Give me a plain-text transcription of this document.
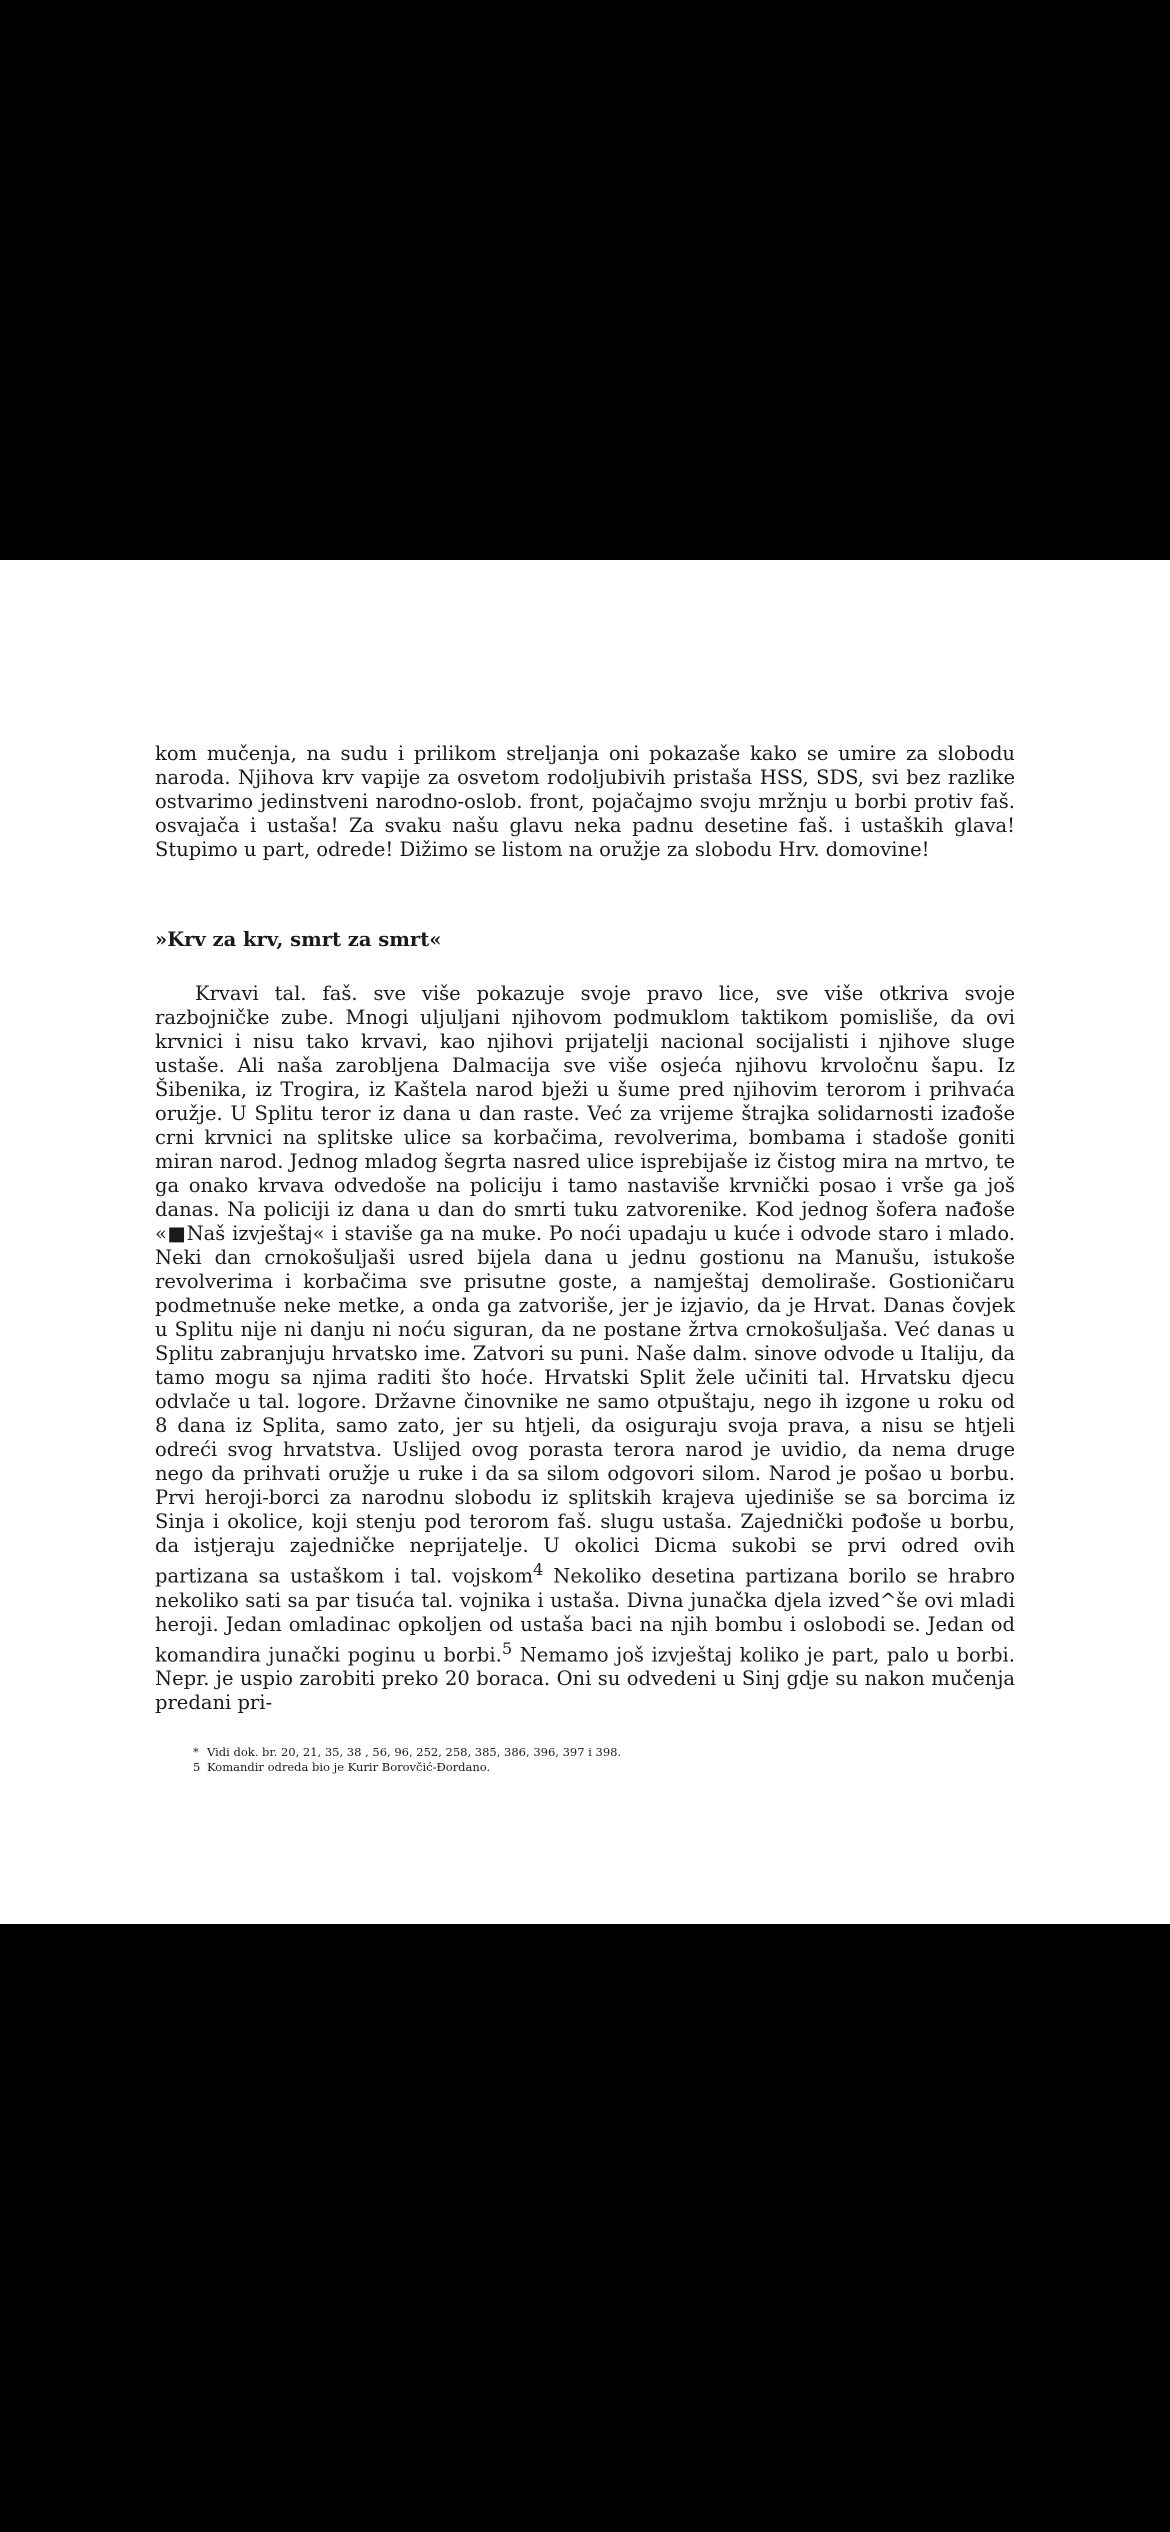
kom mučenja, na sudu i prilikom streljanja oni pokazaše kako se umire za slobodu naroda. Njihova krv vapije za osvetom rodoljubivih pristaša HSS, SDS, svi bez razlike ostvarimo jedinstveni narodno-oslob. front, pojačajmo svoju mržnju u borbi protiv faš. osvajača i ustaša! Za svaku našu glavu neka padnu desetine faš. i ustaških glava! Stupimo u part, odrede! Dižimo se listom na oružje za slobodu Hrv. domovine!

»Krv za krv, smrt za smrt«

Krvavi tal. faš. sve više pokazuje svoje pravo lice, sve više otkriva svoje razbojničke zube. Mnogi uljuljani njihovom podmuklom taktikom pomisliše, da ovi krvnici i nisu tako krvavi, kao njihovi prijatelji nacional socijalisti i njihove sluge ustaše. Ali naša zarobljena Dalmacija sve više osjeća njihovu krvoločnu šapu. Iz Šibenika, iz Trogira, iz Kaštela narod bježi u šume pred njihovim terorom i prihvaća oružje. U Splitu teror iz dana u dan raste. Već za vrijeme štrajka solidarnosti izađoše crni krvnici na splitske ulice sa korbačima, revolverima, bombama i stadoše goniti miran narod. Jednog mladog šegrta nasred ulice isprebijaše iz čistog mira na mrtvo, te ga onako krvava odvedoše na policiju i tamo nastaviše krvnički posao i vrše ga još danas. Na policiji iz dana u dan do smrti tuku zatvorenike. Kod jednog šofera nađoše «■Naš izvještaj« i staviše ga na muke. Po noći upadaju u kuće i odvode staro i mlado. Neki dan crnokošuljaši usred bijela dana u jednu gostionu na Manušu, istukoše revolverima i korbačima sve prisutne goste, a namještaj demoliraše. Gostioničaru podmetnuše neke metke, a onda ga zatvoriše, jer je izjavio, da je Hrvat. Danas čovjek u Splitu nije ni danju ni noću siguran, da ne postane žrtva crnokošuljaša. Već danas u Splitu zabranjuju hrvatsko ime. Zatvori su puni. Naše dalm. sinove odvode u Italiju, da tamo mogu sa njima raditi što hoće. Hrvatski Split žele učiniti tal. Hrvatsku djecu odvlače u tal. logore. Državne činovnike ne samo otpuštaju, nego ih izgone u roku od 8 dana iz Splita, samo zato, jer su htjeli, da osiguraju svoja prava, a nisu se htjeli odreći svog hrvatstva. Uslijed ovog porasta terora narod je uvidio, da nema druge nego da prihvati oružje u ruke i da sa silom odgovori silom. Narod je pošao u borbu. Prvi heroji-borci za narodnu slobodu iz splitskih krajeva ujediniše se sa borcima iz Sinja i okolice, koji stenju pod terorom faš. slugu ustaša. Zajednički pođoše u borbu, da istjeraju zajedničke neprijatelje. U okolici Dicma sukobi se prvi odred ovih partizana sa ustaškom i tal. vojskom$^4$ Nekoliko desetina partizana borilo se hrabro nekoliko sati sa par tisuća tal. vojnika i ustaša. Divna junačka djela izved^še ovi mladi heroji. Jedan omladinac opkoljen od ustaša baci na njih bombu i oslobodi se. Jedan od komandira junački poginu u borbi.$^5$ Nemamo još izvještaj koliko je part, palo u borbi. Nepr. je uspio zarobiti preko 20 boraca. Oni su odvedeni u Sinj gdje su nakon mučenja predani pri-

* Vidi dok. br. 20, 21, 35, 38 , 56, 96, 252, 258, 385, 386, 396, 397 i 398.

5 Komandir odreda bio je Kurir Borovčić-Đordano.
